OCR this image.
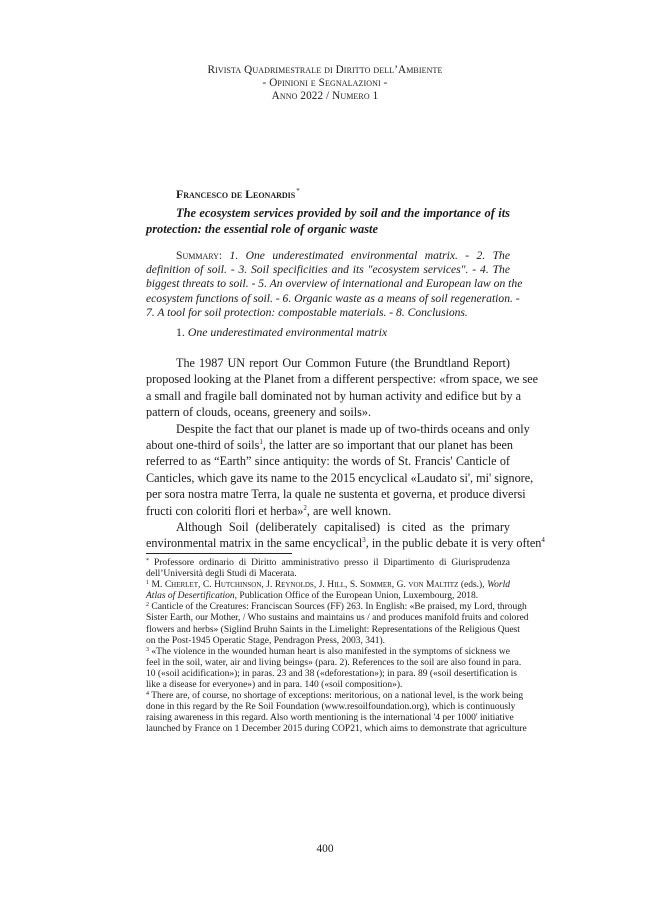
Rivista Quadrimestrale di Diritto dell’Ambiente
- Opinioni e Segnalazioni -
Anno 2022 / Numero 1
Francesco de Leonardis*
The ecosystem services provided by soil and the importance of its
protection: the essential role of organic waste
Summary: 1. One underestimated environmental matrix. - 2. The
definition of soil. - 3. Soil specificities and its "ecosystem services". - 4. The
biggest threats to soil. - 5. An overview of international and European law on the
ecosystem functions of soil. - 6. Organic waste as a means of soil regeneration. -
7. A tool for soil protection: compostable materials. - 8. Conclusions.
1. One underestimated environmental matrix
The 1987 UN report Our Common Future (the Brundtland Report)
proposed looking at the Planet from a different perspective: «from space, we see
a small and fragile ball dominated not by human activity and edifice but by a
pattern of clouds, oceans, greenery and soils».
Despite the fact that our planet is made up of two-thirds oceans and only
about one-third of soils$^1$, the latter are so important that our planet has been
referred to as “Earth” since antiquity: the words of St. Francis' Canticle of
Canticles, which gave its name to the 2015 encyclical «Laudato si', mi' signore,
per sora nostra matre Terra, la quale ne sustenta et governa, et produce diversi
fructi con coloriti flori et herba»$^2$, are well known.
Although Soil (deliberately capitalised) is cited as the primary
environmental matrix in the same encyclical$^3$, in the public debate it is very often$^4$
* Professore ordinario di Diritto amministrativo presso il Dipartimento di Giurisprudenza
dell’Università degli Studi di Macerata.
$^1$ M. Cherlet, C. Hutchinson, J. Reynolds, J. Hill, S. Sommer, G. von Maltitz (eds.), World
Atlas of Desertification, Publication Office of the European Union, Luxembourg, 2018.
$^2$ Canticle of the Creatures: Franciscan Sources (FF) 263. In English: «Be praised, my Lord, through
Sister Earth, our Mother, / Who sustains and maintains us / and produces manifold fruits and colored
flowers and herbs» (Siglind Bruhn Saints in the Limelight: Representations of the Religious Quest
on the Post-1945 Operatic Stage, Pendragon Press, 2003, 341).
$^3$ «The violence in the wounded human heart is also manifested in the symptoms of sickness we
feel in the soil, water, air and living beings» (para. 2). References to the soil are also found in para.
10 («soil acidification»); in paras. 23 and 38 («deforestation»); in para. 89 («soil desertification is
like a disease for everyone») and in para. 140 («soil composition»).
$^4$ There are, of course, no shortage of exceptions: meritorious, on a national level, is the work being
done in this regard by the Re Soil Foundation (www.resoilfoundation.org), which is continuously
raising awareness in this regard. Also worth mentioning is the international '4 per 1000' initiative
launched by France on 1 December 2015 during COP21, which aims to demonstrate that agriculture
400
